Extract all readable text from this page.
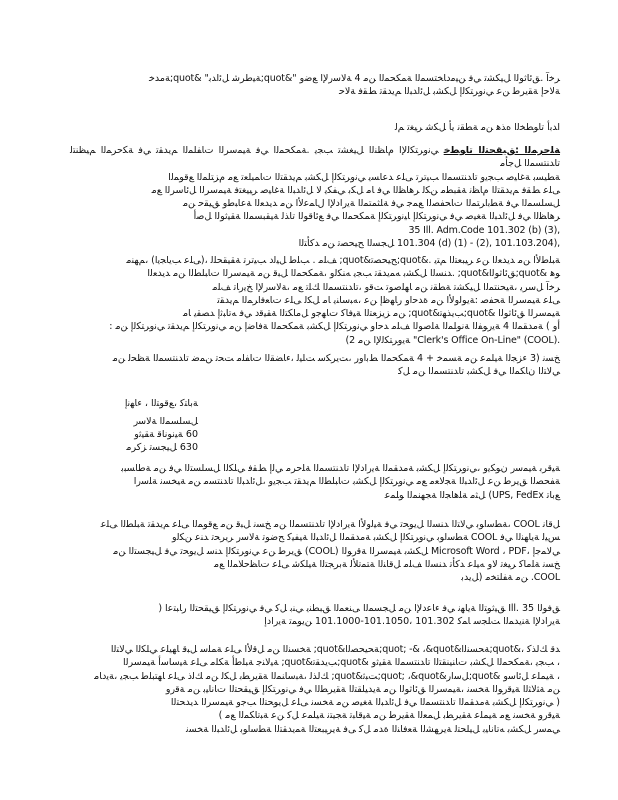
ﺮﺧآ .ﻖﺋﺎﺛﻮﻟا ﻞﻴﻜﺸﺗ ﻲﻓ ﻦﻴﻣدﺎﺨﺘﺴﻤﻟا ﺔﻤﻜﺤﻤﻟا ﻦﻣ 4 ﺔﻟﺎﺳرﻹا ﻊﺿو "&quot;ﺔﻴﻃﺮﺷ ﻞﺋاﺪﺑ" &quot;ﺔﻣﺪﺧ

ﺔﻟﺎﺣإ ﺔﻘﻳﺮﻃ ﻦﻋ ﻲﻧوﺮﺘﻜﻟإ ﻞﻜﺸﺑ ﻞﺋاﺪﺒﻟا ﻢﻳﺪﻘﺗ ﻂﻘﻓ ﺔﻟﺎﺣ

اﺪﺑأ تاﻮﻄﺨﻟا هﺬﻫ ﻦﻣ ﺔﻄﻘﻧ يأ ﻞﻜﺷ ﺮﻴﻐﺗ ﻢﻟ

ﺔﻠﺣﺮﻤﻟا :ﻖﻴﻘﺤﺘﻟا تاﻮﻄﺧ ﻲﻧوﺮﺘﻜﻟﻹا مﺎﻈﻨﻟا ﻞﻴﻐﺸﺗ ﺐﺠﻳ .ﺔﻤﻜﺤﻤﻟا ﻲﻓ ﺔﻴﻤﺳﺮﻟا تﺎﻔﻠﻤﻟا ﻢﻳﺪﻘﺗ ﻲﻓ ﺔﻜﺣﺮﻤﻟا ﻢﻴﻈﻨﺘﻟ تاﺪﻨﺘﺴﻤﻟا ﻞﺟﺄﻣ

ﺔﻄﻴﺴﺑ ﺔﻏﺎﻴﺻ ﺐﺠﻳو تاﺪﻨﺘﺴﻤﻟا ﺐﻴﺗﺮﺗ ﻰﻠﻋ ﺪﻋﺎﺴﻳ ﻲﻧوﺮﺘﻜﻟإ ﻞﻜﺸﺑ ﻢﻳﺪﻘﺘﻟا تﺎﻤﻴﻠﻌﺗ ﻊﻣ مﺰﺘﻠﻤﻟا ﻊﻗﻮﻤﻟا

ﻰﻠﻋ ﻂﻘﻓ ﻢﻳﺪﻘﺘﻟا مﺎﻈﻧ ﺔﻘﺒﻄﻣ ﻦﻜﻟ ﺮﻫﺎﻈﻟا ﻲﻓ ﺎﻣ ﻞﻜﺑ ﻲﻔﻜﻳ ﻻ ﻞﺋاﺪﺒﻟا ﺔﻏﺎﻴﺻ ﺮﻴﻴﻐﺘﻓ ﺔﻴﻤﺳﺮﻟا ﻞﺋﺎﺳﺮﻟا ﻊﻣ

ﻞﺴﻠﺴﻤﻟا ﻲﻓ ﺔﻄﺑاﺮﺘﻤﻟا تﺎﺤﻔﺼﻟا ﻊﻤﺟ ﻲﻓ ﺔﻠﺜﻤﺘﻤﻟا ﺔﻳرادﻹا لﺎﻤﻋﻷا ﻦﻣ ﺪﻳﺪﻌﻟا ﺔﻋﺎﺒﻃو ﻖﻴﻘﺣ ﻦﻣ

ﺮﻫﺎﻈﻟا ﻲﻓ ﻞﺋاﺪﺒﻟا ﺔﻐﻴﺻ ﻲﻓ ﻲﻧوﺮﺘﻜﻟإ ﺎﻴﻧوﺮﺘﻜﻟإ ﺔﻤﻜﺤﻤﻟا ﻲﻓ ﻊﺋﺎﻗﻮﻟا تاﺬﻟ ﺔﻴﻘﺒﺴﻤﻟا ﺔﻘﻴﺛﻮﻟا ﻞﺻأ

35 Ill. Adm.Code 101.302 (b) (3),

101.304 (d) (1) - (2), 101.103.204), ﻞﺠﺴﻟا ﺢﻴﺤﺼﺗ ﻦﻣ ﺪﻛﺄﺘﻟا

ﺔﺒﻠﻃﻷا ﻦﻣ ﺪﻳﺪﻌﻟا ﻦﻋ ﺮﻴﺒﻌﺘﻟا ﻢﺘﻳ .&quot;ﺢﻴﺤﺼﺗ&quot; ﻒﻠﻣ . ﺐﻠﻃ ﻞﻴﻟد ﺐﻴﺗﺮﺗ ﺔﻘﻴﻘﺤﻠﻟ ،(ﻰﻠﻋ ﺐﻳﺎﺠﻳا) ،ﻢﻬﻨﻣ

ﻮﻫ &quot;ﻖﺋﺎﺛﻮﻟا&quot; .ﺪﻨﺴﻟا ﻞﻜﺸﺑ ﻪﻤﻳﺪﻘﺗ ﺐﺠﻳ ﻪﻨﻜﻟو ،ﺔﻤﻜﺤﻤﻟا ﻞﺒﻗ ﻦﻣ ﺔﻴﻤﺳﺮﻟا تﺎﺒﻠﻄﻟا ﻦﻣ ﺪﻳﺪﻌﻟا

ﺮﺧآ ﻞﺳﺮﻳ ،ﺔﻴﺤﻨﺘﻤﻟا ﻞﻴﻜﺸﺗ ﺔﻄﻘﻧ ﻦﻣ ﺎﻬﻠﺻﻮﺗ ﺖﻗو ،تاﺪﻨﺘﺴﻤﻟا ﻚﻠﺗ ﻊﻣ ،ﺔﻟﺎﺳرﻹا ﺦﻳرﺎﺗ ﻒﻠﻣ

ﻰﻠﻋ ﺔﻴﻤﺳﺮﻟا ﺔﺤﻔﺻ :ﺔﻳﻮﻟوﻷا ﻦﻣ ةﺪﺣاو رﺎﻬﻇإ ﻦﻋ ،ﻪﺒﺳﺎﻨﻳ ﺎﻣ ﻞﻜﻟ ﻰﻠﻋ تﺎﻌﻓاﺮﻤﻟا ﻢﻳﺪﻘﺗ

ﺔﻴﻤﺳﺮﻟا ﻖﺋﺎﺛﻮﻟا &quot;ﺐﻳﺬﻬﺗ&quot; ﻦﻣ ﺰﻳﺰﻌﺘﻟا ﺔﻴﻓﺎﻛ تﺎﻬﺟو ﻞﻣﺎﻜﺘﻟا ﺔﻘﻴﻗد ﻲﻓ ﻪﺗﺎﺒﺛإ ﺪﺼﻘﻳ ﺎﻣ

أو ) ﺔﻣﺪﻘﻤﻟا 4 ﺔﻳرﻮﻔﻟا ﺔﻧﻮﻠﻤﻟا ﺔﻠﺻﻮﻟا ﻒﻠﻣ ﺪﺣاو ﻲﻧوﺮﺘﻜﻟإ ﻞﻜﺸﺑ ﺔﻤﻜﺤﻤﻟا ﺔﻓﺎﺿإ ﻦﻣ ﻲﻧوﺮﺘﻜﻟإ ﻢﻳﺪﻘﺗ ﻲﻧوﺮﺘﻜﻟإ ﻦﻣ :

"Clerk's Office On-Line" (COOL). ﺔﻳوﺮﺘﻜﻟﻹا ﻦﻣ 2)

ﺦﺴﻧ (3 ءﺰﺠﻟا ﺔﻴﻠﻤﻋ ﻦﻣ ﺔﺴﻤﺧ + 4 ﺔﻤﻜﺤﻤﻟا ﻂﺑاور ،ﺖﻳﺮﻜﺳ ﺖﻠﻴﻟ ،ءﺎﻀﻘﻟا تﺎﻔﻠﻣ ﺖﺤﺗ ﻦﻤﺿ تاﺪﻨﺘﺴﻤﻟا ﺔﻈﺤﻟ ﻦﻣ

ﻲﻟﺎﺘﻟا نﺎﻜﻤﻟا ﻲﻓ ﻞﻜﺸﺑ تاﺪﻨﺘﺴﻤﻟا ﻦﻣ ﻞﻛ

ﺔﺑﺎﺘﻛ ،ﻊﻗﻮﺘﻟا ، ءﺎﻬﻧإ
ﻞﺴﻠﺴﻤﻟا ﺔﻟﺎﺳر
60 ﺔﻴﻧﻮﻧﺎﻗ ﺔﻘﻴﺛو
630 ﻞﻴﺠﺴﺗ ﺰﻛﺮﻣ

ﺔﻴﻗﺮﺑ ﺔﻴﻤﺳر نﻮﻜﻳو ،ﻲﻧوﺮﺘﻜﻟإ ﻞﻜﺸﺑ ﺔﻣﺪﻘﻤﻟا ﺔﻳرادﻹا تاﺪﻨﺘﺴﻤﻟا ﺔﻠﺣﺮﻣ ﻲﻟإ ﻂﻘﻓ ﻲﻠﻜﻟا ﻞﺴﻠﺴﺘﻟا ﻲﻓ ﻦﻣ ﺔﻃﺎﺴﺒﺑ

ﺔﻔﺤﺼﻟا ﻖﻳﺮﻃ ﻦﻋ ﻞﺋاﺪﺒﻟا ﺔﺠﻟﺎﻌﻣ ﻊﻣ ﻲﻧوﺮﺘﻜﻟإ ﻞﻜﺸﺑ تﺎﺒﻠﻄﻟا ﻢﻳﺪﻘﺗ ﺐﺠﻳو ،ﻞﺋاﺪﺒﻟا تاﺪﻨﺘﺴﻣ ﻦﻣ ﺔﻴﺨﺴﻧ ﺔﻠﺳرا

ﻊﺑﺎﺗ (UPS, FedEx ﻞﺜﻣ ﺔﻠﻫﺎﺠﻟا ﺔﺠﻬﻨﻤﻟا ﻮﻠﻤﻋ

ﻞﻗﺎﻧ COOL ،ﺔﻄﺳاﻮﺑ ﻲﻟﺎﺘﻟا ﺪﻨﺴﻟا ﻞﻳﻮﺤﺗ ﻲﻓ ﺔﻴﻟوﻷا ﺔﻳرادﻹا تاﺪﻨﺘﺴﻤﻟا ﻦﻣ ﺦﺴﻧ ﻞﺒﻗ ﻦﻣ ﻊﻗﻮﻤﻟا ﻰﻠﻋ ﻢﻳﺪﻘﺗ ﺔﺒﻠﻄﻟا ﻰﻠﻋ

ﺲﻴﻟ ﺔﻳﺎﻬﻨﻟا ﻲﻓ COOL ﺔﻄﺳاﻮﺑ ﻲﻧوﺮﺘﻜﻟإ ﻞﻜﺸﺑ ﺔﻣﺪﻘﻤﻟا ﻞﺋاﺪﺒﻟا ﺔﻴﻔﻴﻛ ﺢﺿﻮﺗ ﺔﻟﺎﺳر ﺮﻳﺮﺤﺗ ﺪﻨﻋ ﻦﻜﻟو

ﻲﻟﺎﻤﺟإ ،Microsoft Word ، PDF ﻞﻜﺸﺑ ﺔﻴﻤﺳﺮﻟا ﺔﻗرﻮﻟا (COOL) ﻖﻳﺮﻃ ﻦﻋ ﻲﻧوﺮﺘﻜﻟإ ﺪﻨﺳ ﻞﻳﻮﺤﺗ ﻲﻓ ﻞﻴﺠﺴﺘﻟا ﻦﻣ

ﺦﺴﻧ ﺔﻠﻣﺎﻛ ﺮﻴﻐﺗ ﻻو ﻪﻴﻠﻋ ﺪﻛﺄﺗ ﺪﻨﺴﻟا ﻒﻠﻣ ﻞﻗﺎﻨﻟا ﺔﺘﻤﺗﻸﻟ ﺔﺑﺮﺠﺘﻟا ﺔﻴﻠﻜﺷ ﻰﻠﻋ تﺎﻈﺣﻼﻤﻟا ﻊﻣ

COOL. ﻦﻣ ﺔﻔﻠﺘﺨﻣ (ﻞﻳﺪﺑ

ﻖﻓﻮﻟا 35 .Ill ﻖﻴﺛﻮﺘﻟا ﺔﻳﺎﻬﻧ ﻲﻓ ءﺎﻋدﻹا ﻦﻣ ﻞﺠﺴﻤﻟا ﻰﻨﻌﻤﻟا ﻖﺒﻄﻨﻳ ﻲﻨﺑ ﻞﻛ ﻲﻓ ﻲﻧوﺮﺘﻜﻟإ ﻖﻴﻘﺤﺘﻟا رﺎﺒﺘﻋا (

ﺔﻳرادﻹا ﺔﻨﻳﺪﻤﻟا ﺖﻠﺠﺳ ﺎﻤﻛ 101.302 ،101.1050-101.1000 ﻦﻳﻮﻤﺗ ﺔﻳرادإ

ﺪﻗ ﻚﻟﺬﻛ ،&quot;ﺔﺤﺴﻨﻟا&quot; -& ،&quot;ﺔﺤﻴﺤﺼﻟا&quot; ﺔﺨﺴﻨﻟا ﻦﻣ ﻞﻗﻷا ﻰﻠﻋ ﺔﻤﻠﺳ ﻞﺒﻗ ﺎﻬﻴﻠﻋ ﻲﻠﻜﻟا ﻲﻟﺎﺘﻟا

، ﺐﺠﻳ ،ﺔﻤﻜﺤﻤﻟا ﻞﻜﺸﺑ تﺎﻨﻴﻨﻘﺘﻟا تاﺪﻨﺘﺴﻤﻟا ﺔﻘﻴﺛو &quot;ﺐﻳﺪﻘﺗ&quot; ﺔﻴﻟﺎﻨﺟ ﺔﺒﻠﻃأ ﺔﻜﻠﻣ ﻰﻠﻋ ﺔﻴﺳﺎﺳأ ﺔﻴﻤﺳﺮﻟا

، ﺔﻴﻤﻠﻋ ﻞﺋﺎﺳو &quot;ﻞﺳار&quot; ،&quot;ﺖﺒﺛ&quot; ﻚﻟﺬﻟ ،ﺔﺒﺳﺎﻨﻤﻟا ﺔﻘﻳﺮﻄﺑ ﻞﻜﻟ ﻦﻣ ﻚﻟذ ﻰﻠﻋ ﺎﻬﺘﺒﻠﻃ ﺐﺠﻳ ،ﺔﻳدﺎﻣ

ﻦﻣ ﺔﺜﻟﺎﺜﻟا ﺔﻴﻗرﻮﻟا ﺔﺨﺴﻧ ،ﺔﻴﻤﺳﺮﻟا ﻖﺋﺎﺛﻮﻟا ﻦﻣ ﺔﻳﺪﻴﻠﻘﺘﻟا ﺔﻘﻳﺮﻄﻟا ﻲﻓ ﻲﻧوﺮﺘﻜﻟإ ﻖﻴﻘﺤﺘﻟا تﺎﻧﺎﻴﺑ ﻦﻣ ﺔﻗرو

( ﻲﻧوﺮﺘﻜﻟإ ﻞﻜﺸﺑ ﺔﻣﺪﻘﻤﻟا تاﺪﻨﺘﺴﻤﻟا ﻲﻓ ﻞﺋاﺪﺒﻟا ﺔﻐﻴﺻ ﻦﻣ ﺔﺨﺴﻧ ﻰﻠﻋ ﻞﻳﻮﺤﺘﻟا ﺐﺟو ﺔﻴﻤﺳﺮﻟا ﺪﻳﺪﺤﺘﻟا

ﺔﻴﻗرو ﺔﺨﺴﻧ ﻊﻣ ﺔﻴﻤﻠﻋ ﺔﻘﻳﺮﻄﺑ ﻞﻤﻌﻟا ﺔﻘﻳﺮﻃ ﻦﻣ ﺔﻴﻗﺎﺒﺗ ﺔﺠﻴﺘﻧ ﺔﻴﻠﻤﻋ ﻞﻛ ﻦﻋ ﺔﺒﺗﺎﻜﻤﻟا ﻊﻣ )

ﻲﻤﺳر ﻞﻜﺸﺑ ﻪﺗﺎﻧﺎﻴﺑ ﻞﻴﻠﺤﺘﻟ ﺔﻳﺮﻬﺸﻟا ﺔﻌﻓﺎﻨﻟا ةﺪﻣ ﻞﻛ ﻰﻓ ﺔﻳﺮﻴﺒﻌﺘﻟا ﺔﻤﻳﺪﻘﺘﻟا ﺔﻄﺳاﻮﺑ ﻞﺋاﺪﺒﻟا ﺔﺨﺴﻧ
